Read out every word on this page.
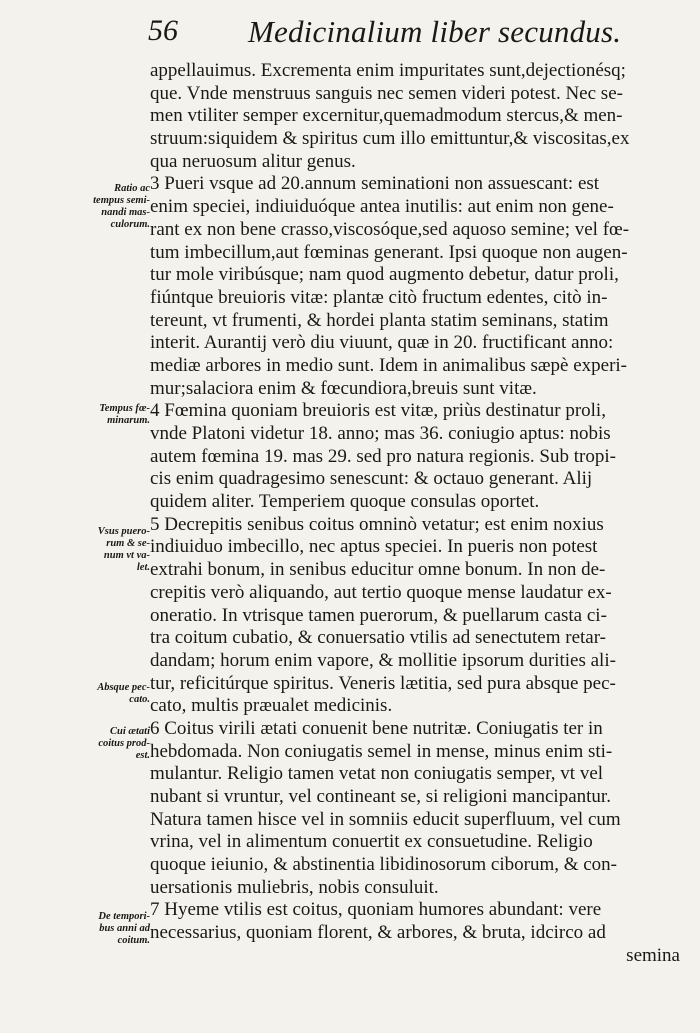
56 Medicinalium liber secundus.
appellauimus. Excrementa enim impuritates sunt,dejectionésq;
que. Vnde menstruus sanguis nec semen videri potest. Nec se-
men vtiliter semper excernitur,quemadmodum stercus,& men-
struum:siquidem & spiritus cum illo emittuntur,& viscositas,ex
qua neruosum alitur genus.
3 Pueri vsque ad 20.annum seminationi non assuescant: est
enim speciei, indiuiduóque antea inutilis: aut enim non gene-
rant ex non bene crasso,viscosóque,sed aquoso semine; vel fœ-
tum imbecillum,aut fœminas generant. Ipsi quoque non augen-
tur mole viribúsque; nam quod augmento debetur, datur proli,
fiúntque breuioris vitæ: plantæ citò fructum edentes, citò in-
tereunt, vt frumenti, & hordei planta statim seminans, statim
interit. Aurantij verò diu viuunt, quæ in 20. fructificant anno:
mediæ arbores in medio sunt. Idem in animalibus sæpè experi-
mur;salaciora enim & fœcundiora,breuis sunt vitæ.
4 Fœmina quoniam breuioris est vitæ, priùs destinatur proli,
vnde Platoni videtur 18. anno; mas 36. coniugio aptus: nobis
autem fœmina 19. mas 29. sed pro natura regionis. Sub tropi-
cis enim quadragesimo senescunt: & octauo generant. Alij
quidem aliter. Temperiem quoque consulas oportet.
5 Decrepitis senibus coitus omninò vetatur; est enim noxius
indiuiduo imbecillo, nec aptus speciei. In pueris non potest
extrahi bonum, in senibus educitur omne bonum. In non de-
crepitis verò aliquando, aut tertio quoque mense laudatur ex-
oneratio. In vtrisque tamen puerorum, & puellarum casta ci-
tra coitum cubatio, & conuersatio vtilis ad senectutem retar-
dandam; horum enim vapore, & mollitie ipsorum durities ali-
tur, reficitúrque spiritus. Veneris lætitia, sed pura absque pec-
cato, multis præualet medicinis.
6 Coitus virili ætati conuenit bene nutritæ. Coniugatis ter in
hebdomada. Non coniugatis semel in mense, minus enim sti-
mulantur. Religio tamen vetat non coniugatis semper, vt vel
nubant si vruntur, vel contineant se, si religioni mancipantur.
Natura tamen hisce vel in somniis educit superfluum, vel cum
vrina, vel in alimentum conuertit ex consuetudine. Religio
quoque ieiunio, & abstinentia libidinosorum ciborum, & con-
uersationis muliebris, nobis consuluit.
7 Hyeme vtilis est coitus, quoniam humores abundant: vere
necessarius, quoniam florent, & arbores, & bruta, idcirco ad
semina
Ratio ac
tempus semi-
nandi mas-
culorum.
Tempus fœ-
minarum.
Vsus puero-
rum & se-
num vt va-
let.
Absque pec-
cato.
Cui ætati
coitus prod-
est.
De tempori-
bus anni ad
coitum.
